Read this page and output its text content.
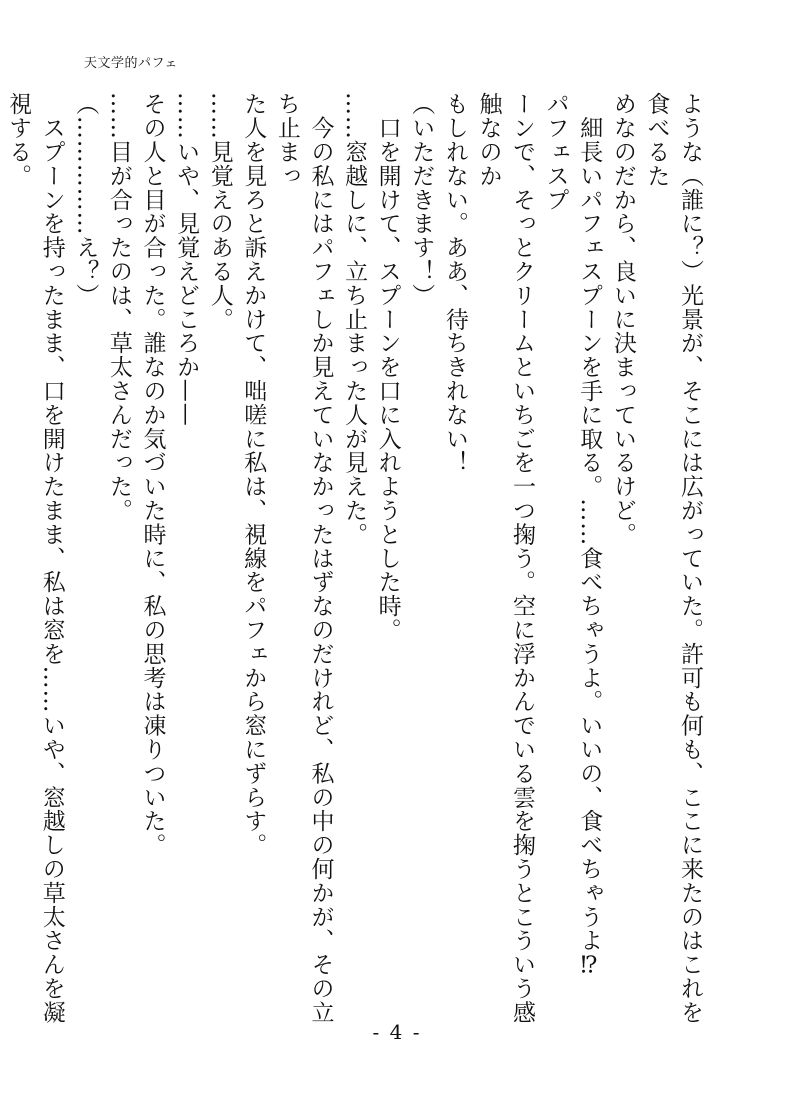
天文学的パフェ

ような（誰に？）光景が、そこには広がっていた。許可も何も、ここに来たのはこれを食べるた

めなのだから、良いに決まっているけど。

　細長いパフェスプーンを手に取る。……食べちゃうよ。いいの、食べちゃうよ⁉　パフェスプ

ーンで、そっとクリームといちごを一つ掬う。空に浮かんでいる雲を掬うとこういう感触なのか

もしれない。ああ、待ちきれない！

（いただきます！）

　口を開けて、スプーンを口に入れようとした時。

……窓越しに、立ち止まった人が見えた。

　今の私にはパフェしか見えていなかったはずなのだけれど、私の中の何かが、その立ち止まっ

た人を見ろと訴えかけて、咄嗟に私は、視線をパフェから窓にずらす。

……見覚えのある人。

……いや、見覚えどころか——

その人と目が合った。誰なのか気づいた時に、私の思考は凍りついた。

……目が合ったのは、草太さんだった。

（……………え？）

　スプーンを持ったまま、口を開けたまま、私は窓を……いや、窓越しの草太さんを凝視する。

- 4 -
